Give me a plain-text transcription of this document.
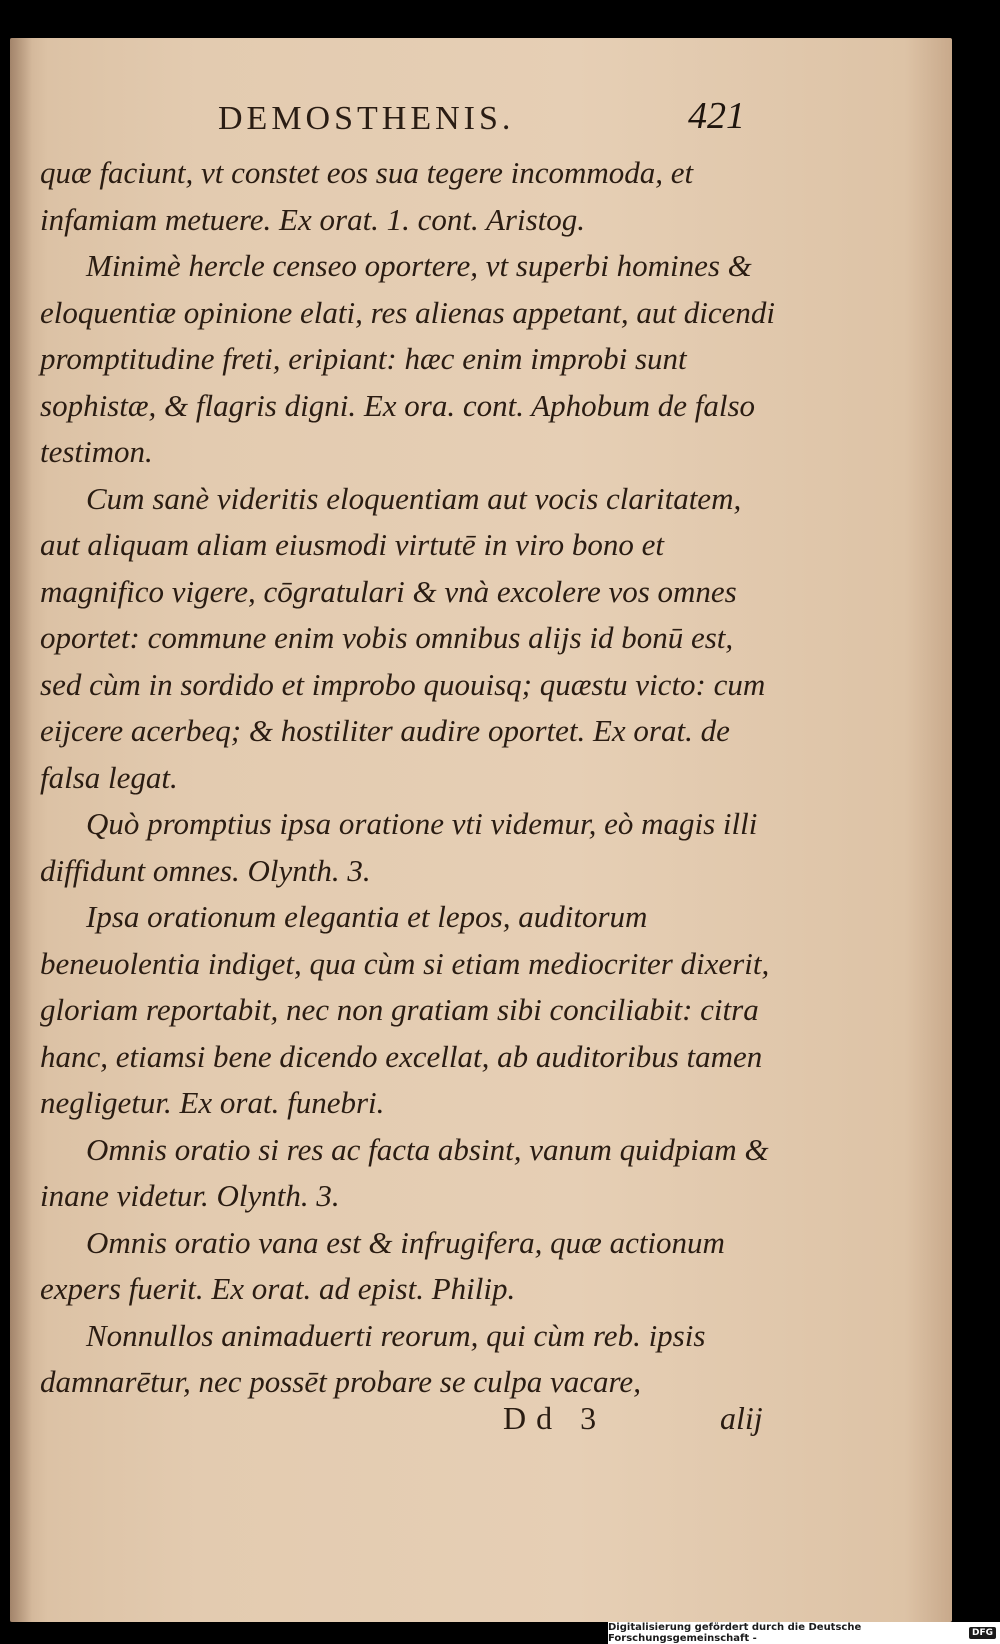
DEMOSTHENIS.	421

quæ faciunt, vt constet eos sua tegere incommoda, et infamiam metuere. Ex orat. 1. cont. Aristog.

Minimè hercle censeo oportere, vt superbi homines & eloquentiæ opinione elati, res alienas appetant, aut dicendi promptitudine freti, eripiant: hæc enim improbi sunt sophistæ, & flagris digni. Ex ora. cont. Aphobum de falso testimon.

Cum sanè videritis eloquentiam aut vocis claritatem, aut aliquam aliam eiusmodi virtutē in viro bono et magnifico vigere, cōgratulari & vnà excolere vos omnes oportet: commune enim vobis omnibus alijs id bonū est, sed cùm in sordido et improbo quouisq; quæstu victo: cum eijcere acerbeq; & hostiliter audire oportet. Ex orat. de falsa legat.

Quò promptius ipsa oratione vti videmur, eò magis illi diffidunt omnes. Olynth. 3.

Ipsa orationum elegantia et lepos, auditorum beneuolentia indiget, qua cùm si etiam mediocriter dixerit, gloriam reportabit, nec non gratiam sibi conciliabit: citra hanc, etiamsi bene dicendo excellat, ab auditoribus tamen negligetur. Ex orat. funebri.

Omnis oratio si res ac facta absint, vanum quidpiam & inane videtur. Olynth. 3.

Omnis oratio vana est & infrugifera, quæ actionum expers fuerit. Ex orat. ad epist. Philip.

Nonnullos animaduerti reorum, qui cùm reb. ipsis damnarētur, nec possēt probare se culpa vacare,

Dd 3	alij
Digitalisierung gefördert durch die Deutsche Forschungsgemeinschaft -	DFG
